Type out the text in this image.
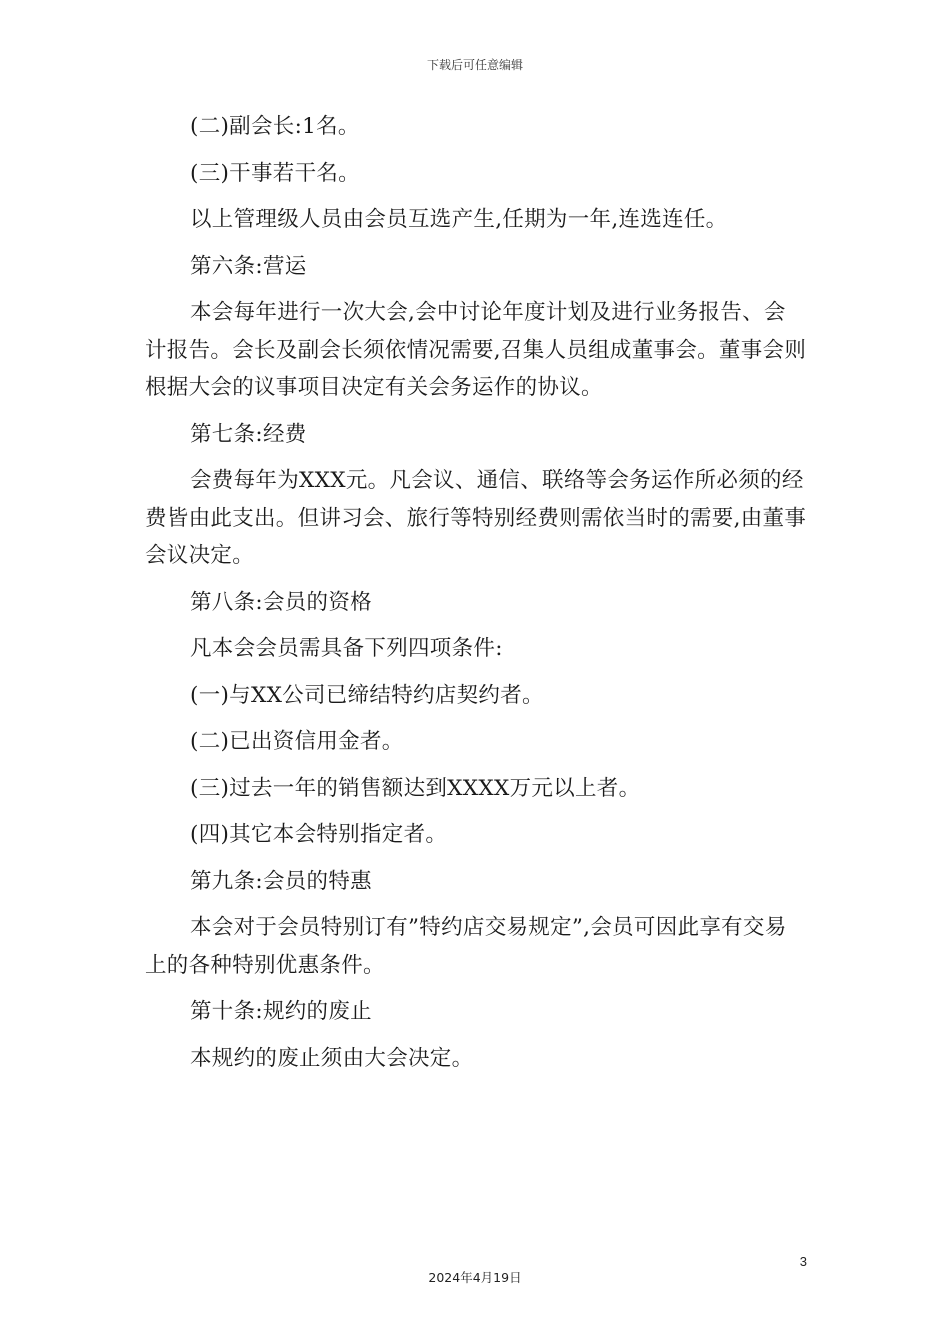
下载后可任意编辑

(二)副会长:1名。

(三)干事若干名。

以上管理级人员由会员互选产生,任期为一年,连选连任。

第六条:营运

本会每年进行一次大会,会中讨论年度计划及进行业务报告、会计报告。会长及副会长须依情况需要,召集人员组成董事会。董事会则根据大会的议事项目决定有关会务运作的协议。

第七条:经费

会费每年为XXX元。凡会议、通信、联络等会务运作所必须的经费皆由此支出。但讲习会、旅行等特别经费则需依当时的需要,由董事会议决定。

第八条:会员的资格

凡本会会员需具备下列四项条件:

(一)与XX公司已缔结特约店契约者。

(二)已出资信用金者。

(三)过去一年的销售额达到XXXX万元以上者。

(四)其它本会特别指定者。

第九条:会员的特惠

本会对于会员特别订有”特约店交易规定”,会员可因此享有交易上的各种特别优惠条件。

第十条:规约的废止

本规约的废止须由大会决定。

3
2024年4月19日
